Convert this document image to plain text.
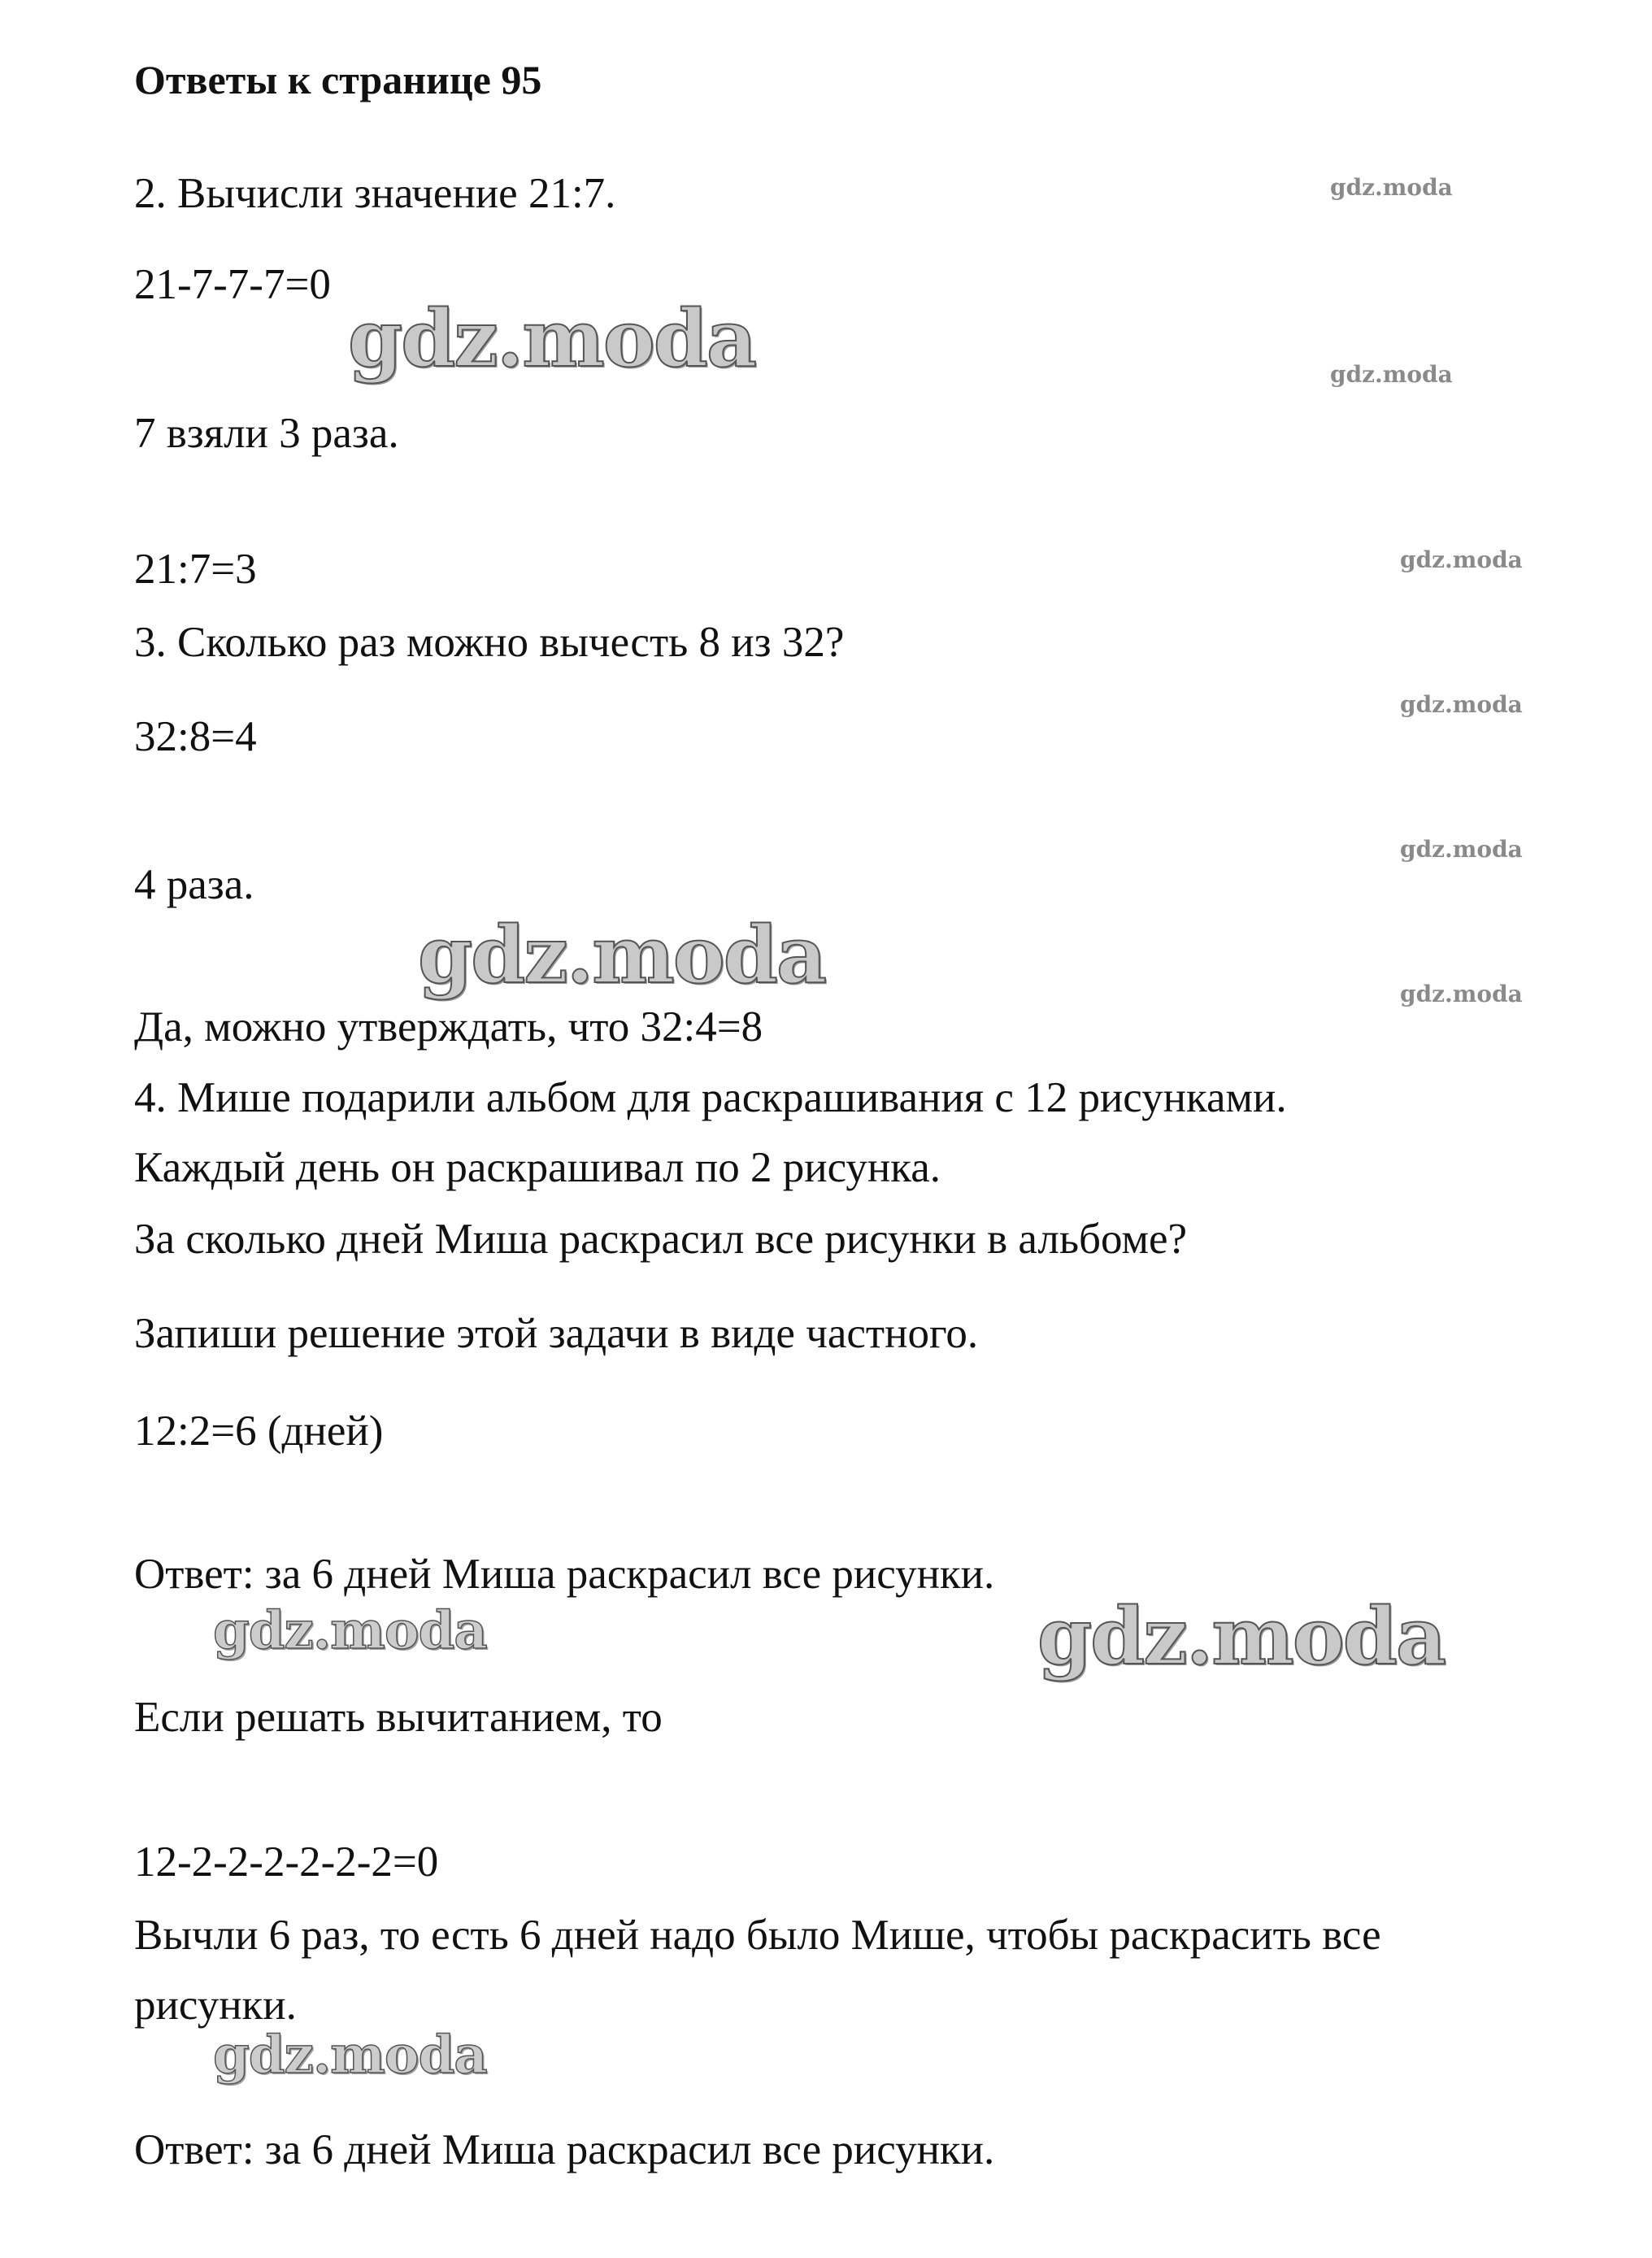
Ответы к странице 95
2. Вычисли значение 21:7.
21-7-7-7=0
7 взяли 3 раза.
21:7=3
3. Сколько раз можно вычесть 8 из 32?
32:8=4
4 раза.
Да, можно утверждать, что 32:4=8
4. Мише подарили альбом для раскрашивания с 12 рисунками.
Каждый день он раскрашивал по 2 рисунка.
За сколько дней Миша раскрасил все рисунки в альбоме?
Запиши решение этой задачи в виде частного.
12:2=6 (дней)
Ответ: за 6 дней Миша раскрасил все рисунки.
Если решать вычитанием, то
12-2-2-2-2-2-2=0
Вычли 6 раз, то есть 6 дней надо было Мише, чтобы раскрасить все
рисунки.
Ответ: за 6 дней Миша раскрасил все рисунки.
gdz.moda
gdz.moda
gdz.moda
gdz.moda
gdz.moda
gdz.moda
gdz.moda
gdz.moda
gdz.moda
gdz.moda
gdz.moda
